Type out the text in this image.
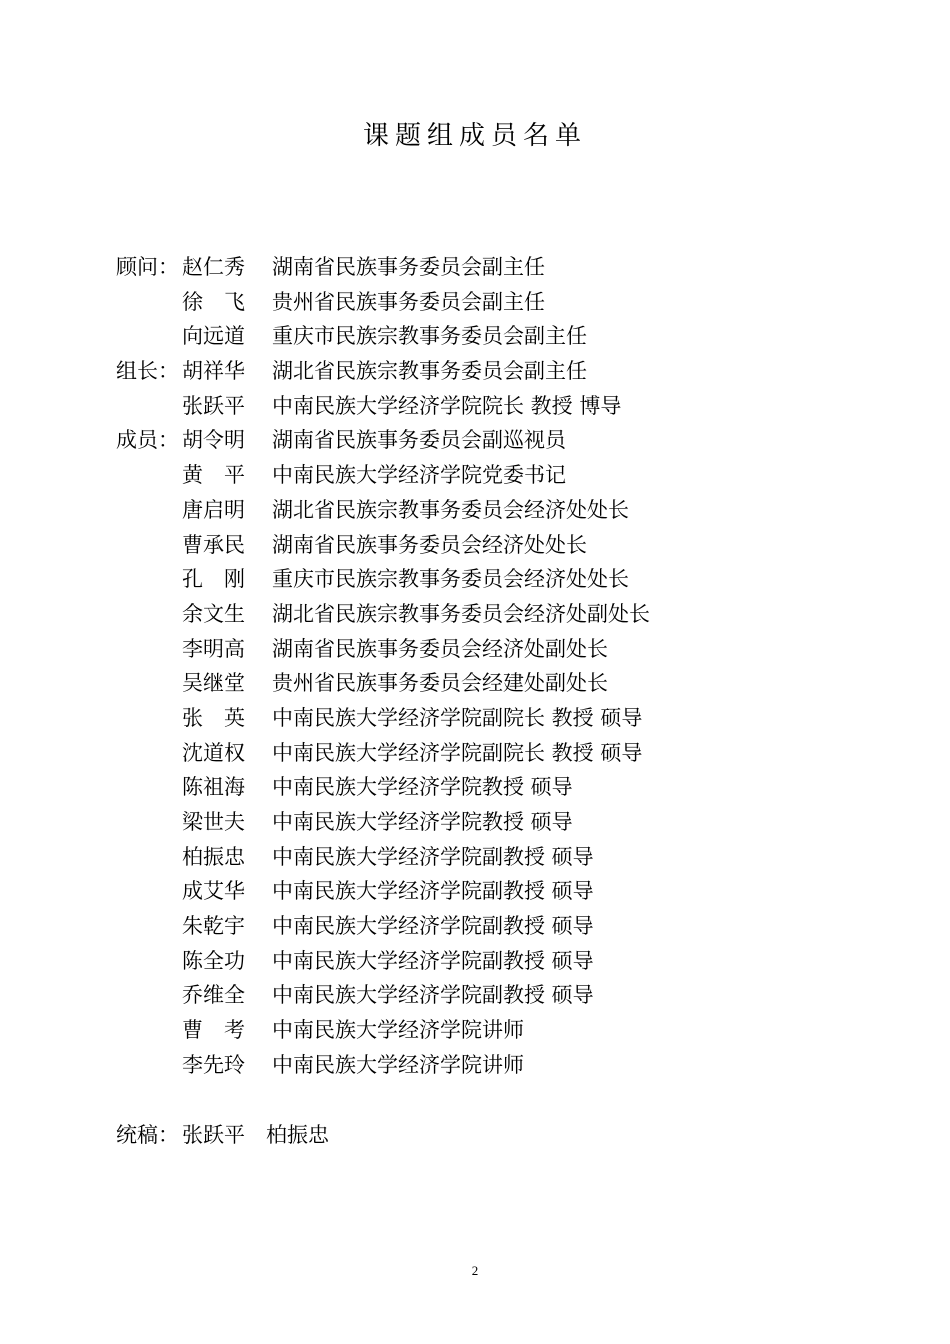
课题组成员名单
顾问： 赵仁秀	湖南省民族事务委员会副主任
徐　飞	贵州省民族事务委员会副主任
向远道	重庆市民族宗教事务委员会副主任
组长： 胡祥华	湖北省民族宗教事务委员会副主任
张跃平	中南民族大学经济学院院长 教授 博导
成员： 胡令明	湖南省民族事务委员会副巡视员
黄　平	中南民族大学经济学院党委书记
唐启明	湖北省民族宗教事务委员会经济处处长
曹承民	湖南省民族事务委员会经济处处长
孔　刚	重庆市民族宗教事务委员会经济处处长
余文生	湖北省民族宗教事务委员会经济处副处长
李明高	湖南省民族事务委员会经济处副处长
吴继堂	贵州省民族事务委员会经建处副处长
张　英	中南民族大学经济学院副院长 教授 硕导
沈道权	中南民族大学经济学院副院长 教授 硕导
陈祖海	中南民族大学经济学院教授 硕导
梁世夫	中南民族大学经济学院教授 硕导
柏振忠	中南民族大学经济学院副教授 硕导
成艾华	中南民族大学经济学院副教授 硕导
朱乾宇	中南民族大学经济学院副教授 硕导
陈全功	中南民族大学经济学院副教授 硕导
乔维全	中南民族大学经济学院副教授 硕导
曹　考	中南民族大学经济学院讲师
李先玲	中南民族大学经济学院讲师
统稿： 张跃平　柏振忠
2
